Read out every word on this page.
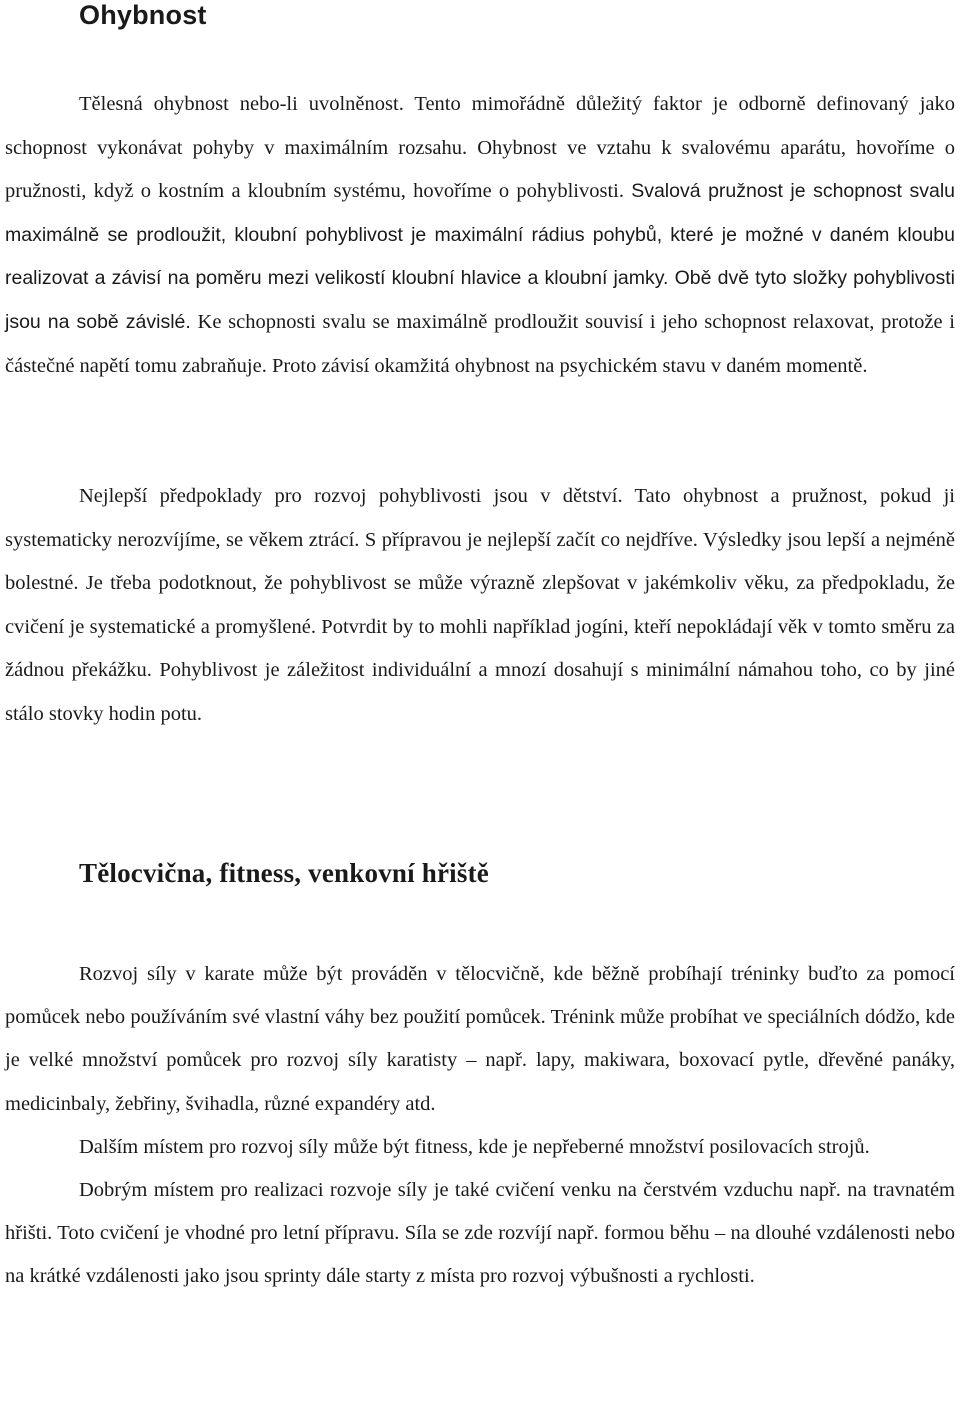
Ohybnost

Tělesná ohybnost nebo-li uvolněnost. Tento mimořádně důležitý faktor je odborně definovaný jako schopnost vykonávat pohyby v maximálním rozsahu. Ohybnost ve vztahu k svalovému aparátu, hovoříme o pružnosti, když o kostním a kloubním systému, hovoříme o pohyblivosti. Svalová pružnost je schopnost svalu maximálně se prodloužit, kloubní pohyblivost je maximální rádius pohybů, které je možné v daném kloubu realizovat a závisí na poměru mezi velikostí kloubní hlavice a kloubní jamky. Obě dvě tyto složky pohyblivosti jsou na sobě závislé. Ke schopnosti svalu se maximálně prodloužit souvisí i jeho schopnost relaxovat, protože i částečné napětí tomu zabraňuje. Proto závisí okamžitá ohybnost na psychickém stavu v daném momentě.

Nejlepší předpoklady pro rozvoj pohyblivosti jsou v dětství. Tato ohybnost a pružnost, pokud ji systematicky nerozvíjíme, se věkem ztrácí. S přípravou je nejlepší začít co nejdříve. Výsledky jsou lepší a nejméně bolestné. Je třeba podotknout, že pohyblivost se může výrazně zlepšovat v jakémkoliv věku, za předpokladu, že cvičení je systematické a promyšlené. Potvrdit by to mohli například jogíni, kteří nepokládají věk v tomto směru za žádnou překážku. Pohyblivost je záležitost individuální a mnozí dosahují s minimální námahou toho, co by jiné stálo stovky hodin potu.

Tělocvična, fitness, venkovní hřiště

Rozvoj síly v karate může být prováděn v tělocvičně, kde běžně probíhají tréninky buďto za pomocí pomůcek nebo používáním své vlastní váhy bez použití pomůcek. Trénink může probíhat ve speciálních dódžo, kde je velké množství pomůcek pro rozvoj síly karatisty – např. lapy, makiwara, boxovací pytle, dřevěné panáky, medicinbaly, žebřiny, švihadla, různé expandéry atd.

Dalším místem pro rozvoj síly může být fitness, kde je nepřeberné množství posilovacích strojů.

Dobrým místem pro realizaci rozvoje síly je také cvičení venku na čerstvém vzduchu např. na travnatém hřišti. Toto cvičení je vhodné pro letní přípravu. Síla se zde rozvíjí např. formou běhu – na dlouhé vzdálenosti nebo na krátké vzdálenosti jako jsou sprinty dále starty z místa pro rozvoj výbušnosti a rychlosti.
